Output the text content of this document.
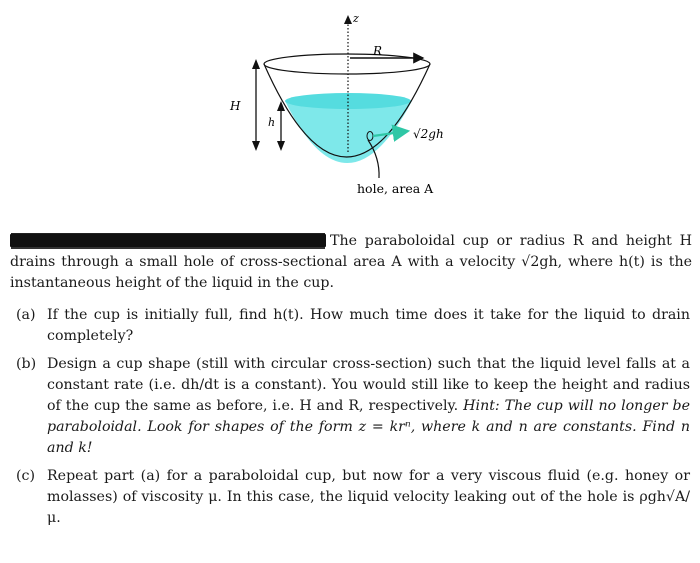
z
R
H
h
√2gh
hole, area A

The paraboloidal cup or radius R and height H drains through a small hole of cross-sectional area A with a velocity √2gh, where h(t) is the instantaneous height of the liquid in the cup.

(a) If the cup is initially full, find h(t). How much time does it take for the liquid to drain completely?
(b) Design a cup shape (still with circular cross-section) such that the liquid level falls at a constant rate (i.e. dh/dt is a constant). You would still like to keep the height and radius of the cup the same as before, i.e. H and R, respectively. Hint: The cup will no longer be paraboloidal. Look for shapes of the form z = krⁿ, where k and n are constants. Find n and k!
(c) Repeat part (a) for a paraboloidal cup, but now for a very viscous fluid (e.g. honey or molasses) of viscosity μ. In this case, the liquid velocity leaking out of the hole is ρgh√A/μ.
